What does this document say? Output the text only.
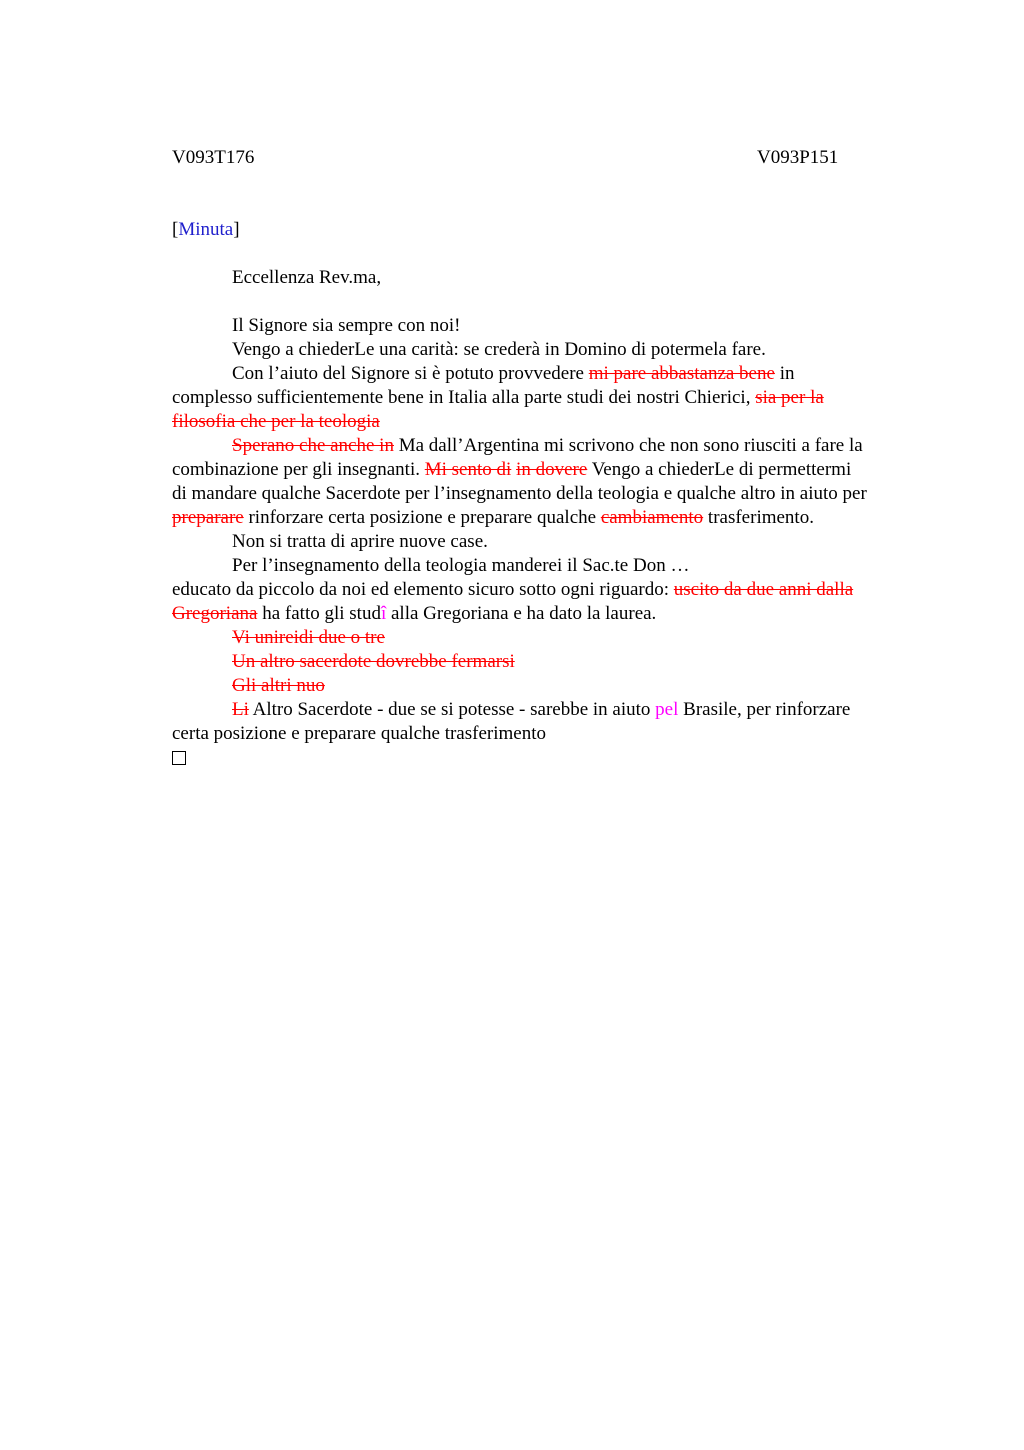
V093T176	V093P151
[Minuta]
Eccellenza Rev.ma,
Il Signore sia sempre con noi!
Vengo a chiederLe una carità: se crederà in Domino di potermela fare.
Con l’aiuto del Signore si è potuto provvedere mi pare abbastanza bene in
complesso sufficientemente bene in Italia alla parte studi dei nostri Chierici, sia per la
filosofia che per la teologia
Sperano che anche in Ma dall’Argentina mi scrivono che non sono riusciti a fare la
combinazione per gli insegnanti. Mi sento di in dovere Vengo a chiederLe di permettermi
di mandare qualche Sacerdote per l’insegnamento della teologia e qualche altro in aiuto per
preparare rinforzare certa posizione e preparare qualche cambiamento trasferimento.
Non si tratta di aprire nuove case.
Per l’insegnamento della teologia manderei il Sac.te Don …
educato da piccolo da noi ed elemento sicuro sotto ogni riguardo: uscito da due anni dalla
Gregoriana ha fatto gli studî alla Gregoriana e ha dato la laurea.
Vi unireidi due o tre
Un altro sacerdote dovrebbe fermarsi
Gli altri nuo
Li Altro Sacerdote - due se si potesse - sarebbe in aiuto pel Brasile, per rinforzare
certa posizione e preparare qualche trasferimento
